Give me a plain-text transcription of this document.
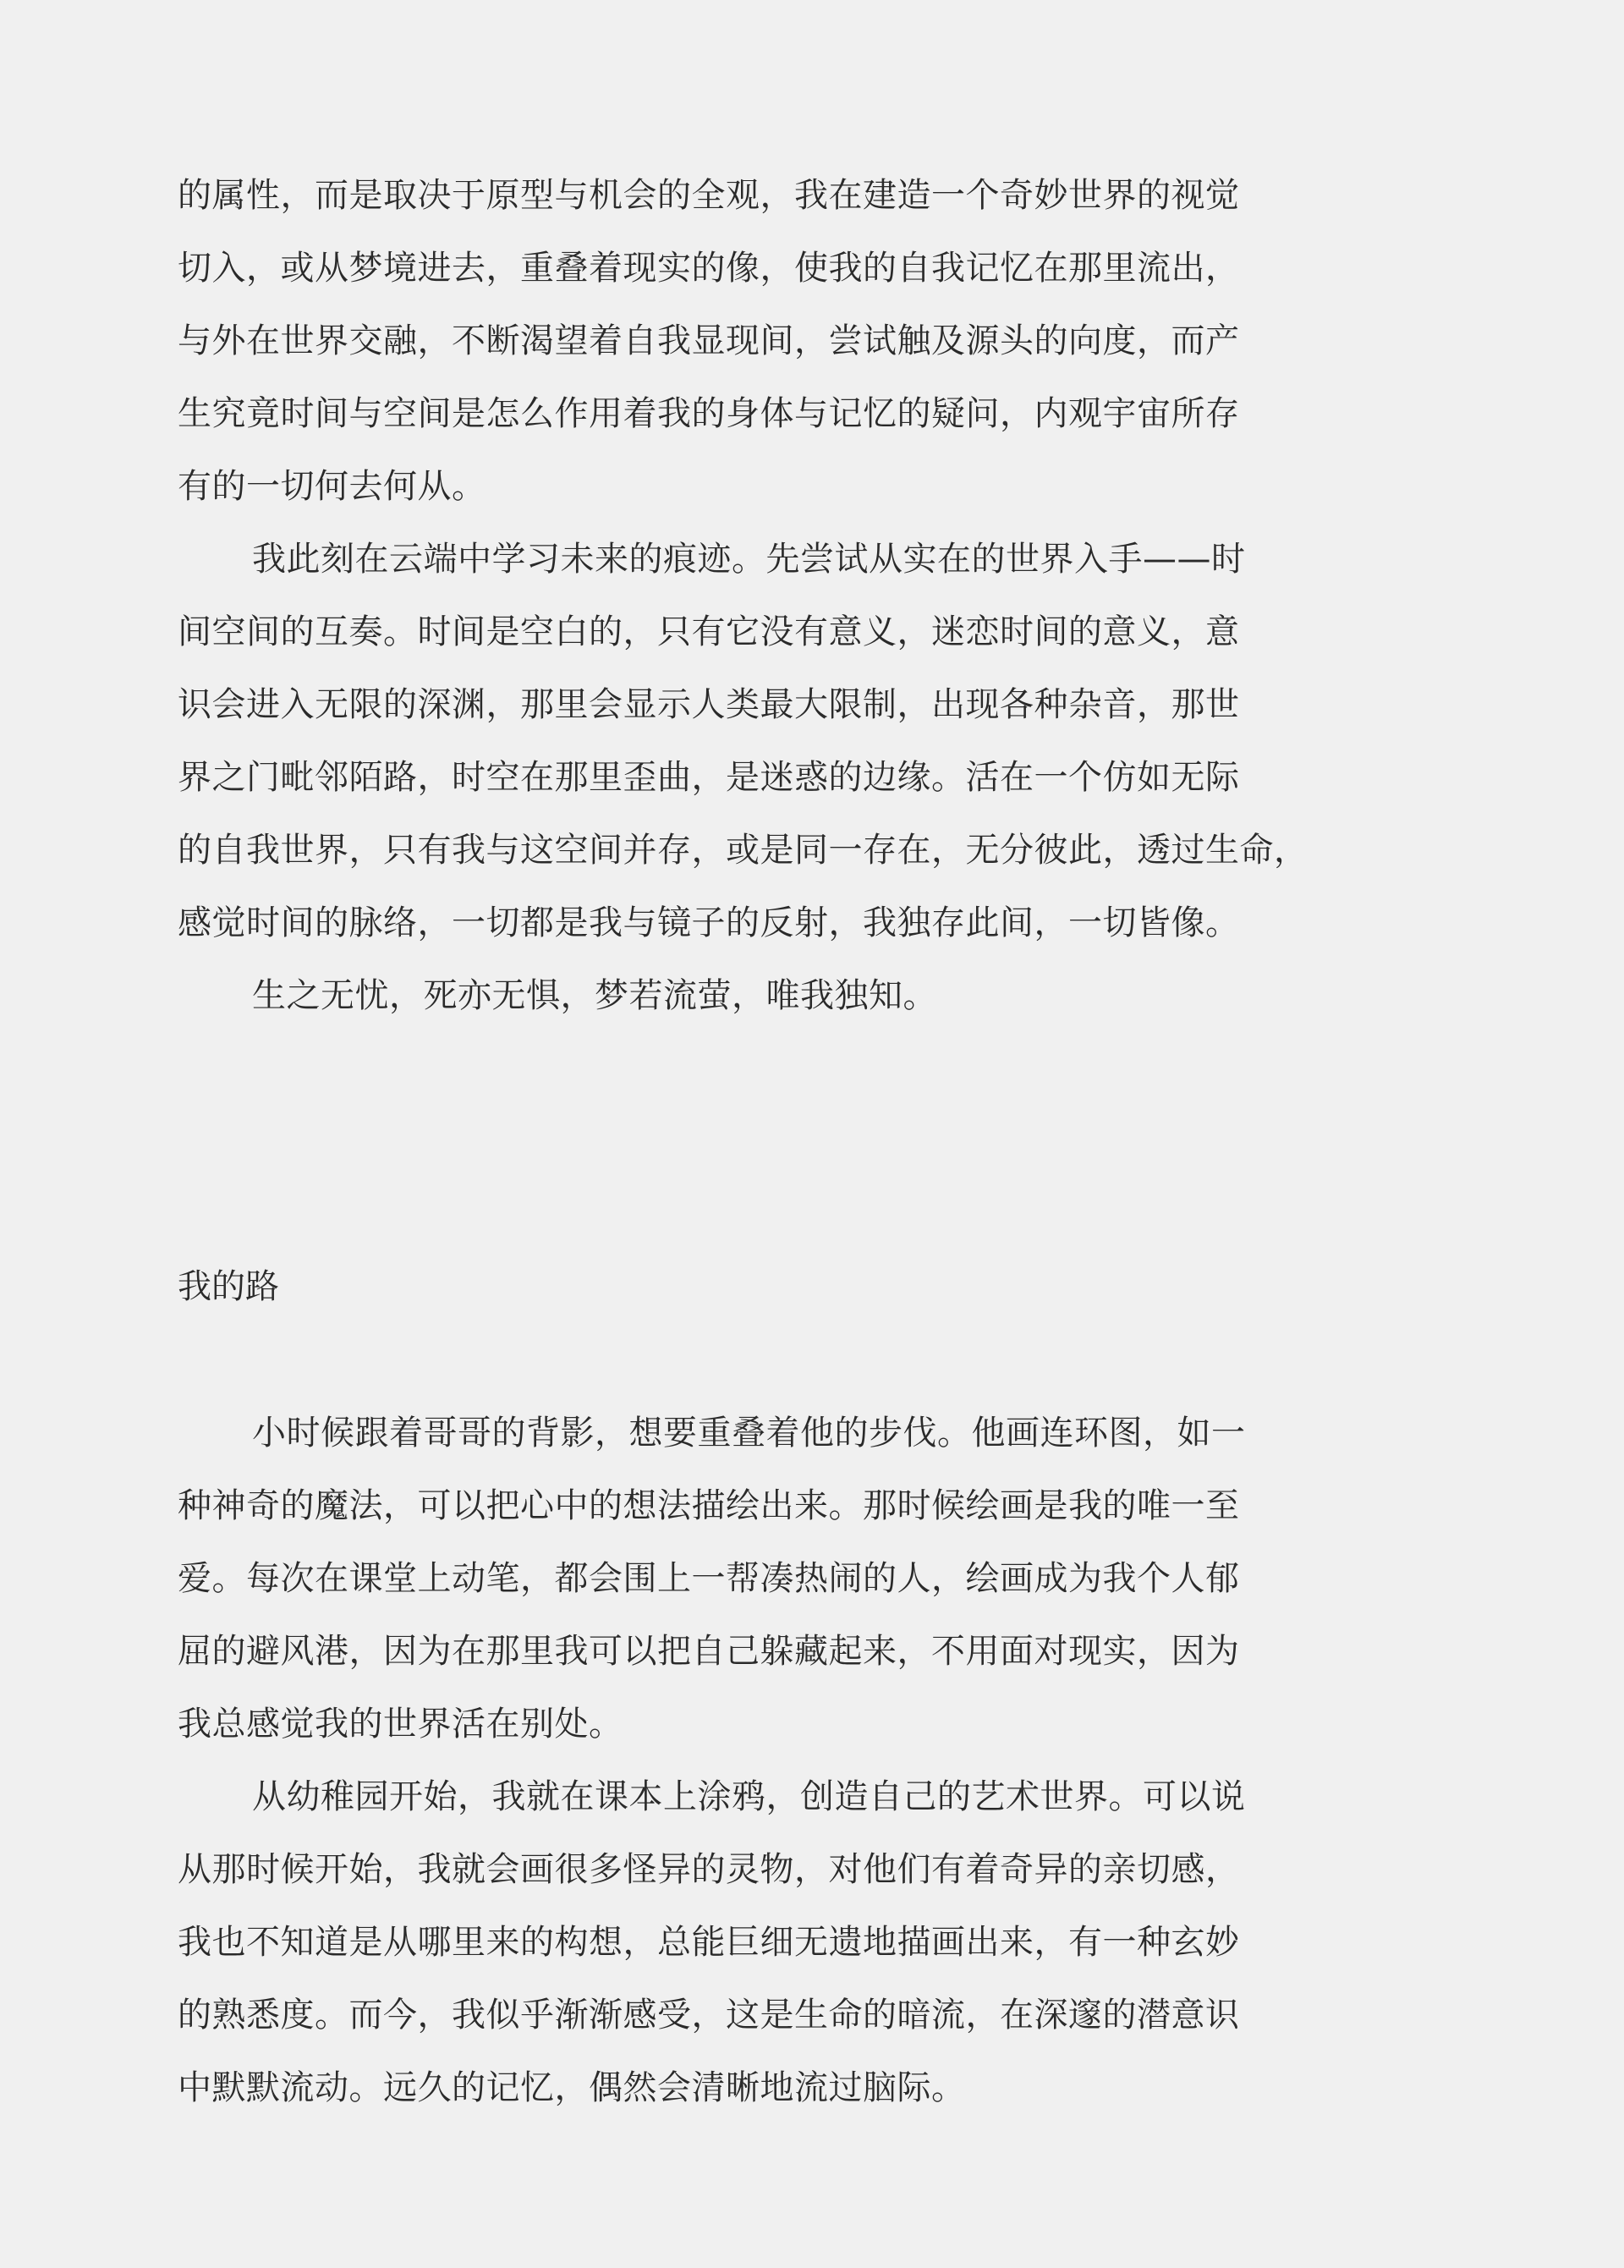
的属性，而是取决于原型与机会的全观，我在建造一个奇妙世界的视觉
切入，或从梦境进去，重叠着现实的像，使我的自我记忆在那里流出，
与外在世界交融，不断渴望着自我显现间，尝试触及源头的向度，而产
生究竟时间与空间是怎么作用着我的身体与记忆的疑问，内观宇宙所存
有的一切何去何从。
我此刻在云端中学习未来的痕迹。先尝试从实在的世界入手——时
间空间的互奏。时间是空白的，只有它没有意义，迷恋时间的意义，意
识会进入无限的深渊，那里会显示人类最大限制，出现各种杂音，那世
界之门毗邻陌路，时空在那里歪曲，是迷惑的边缘。活在一个仿如无际
的自我世界，只有我与这空间并存，或是同一存在，无分彼此，透过生命，
感觉时间的脉络，一切都是我与镜子的反射，我独存此间，一切皆像。
生之无忧，死亦无惧，梦若流萤，唯我独知。
我的路
小时候跟着哥哥的背影，想要重叠着他的步伐。他画连环图，如一
种神奇的魔法，可以把心中的想法描绘出来。那时候绘画是我的唯一至
爱。每次在课堂上动笔，都会围上一帮凑热闹的人，绘画成为我个人郁
屈的避风港，因为在那里我可以把自己躲藏起来，不用面对现实，因为
我总感觉我的世界活在别处。
从幼稚园开始，我就在课本上涂鸦，创造自己的艺术世界。可以说
从那时候开始，我就会画很多怪异的灵物，对他们有着奇异的亲切感，
我也不知道是从哪里来的构想，总能巨细无遗地描画出来，有一种玄妙
的熟悉度。而今，我似乎渐渐感受，这是生命的暗流，在深邃的潜意识
中默默流动。远久的记忆，偶然会清晰地流过脑际。
